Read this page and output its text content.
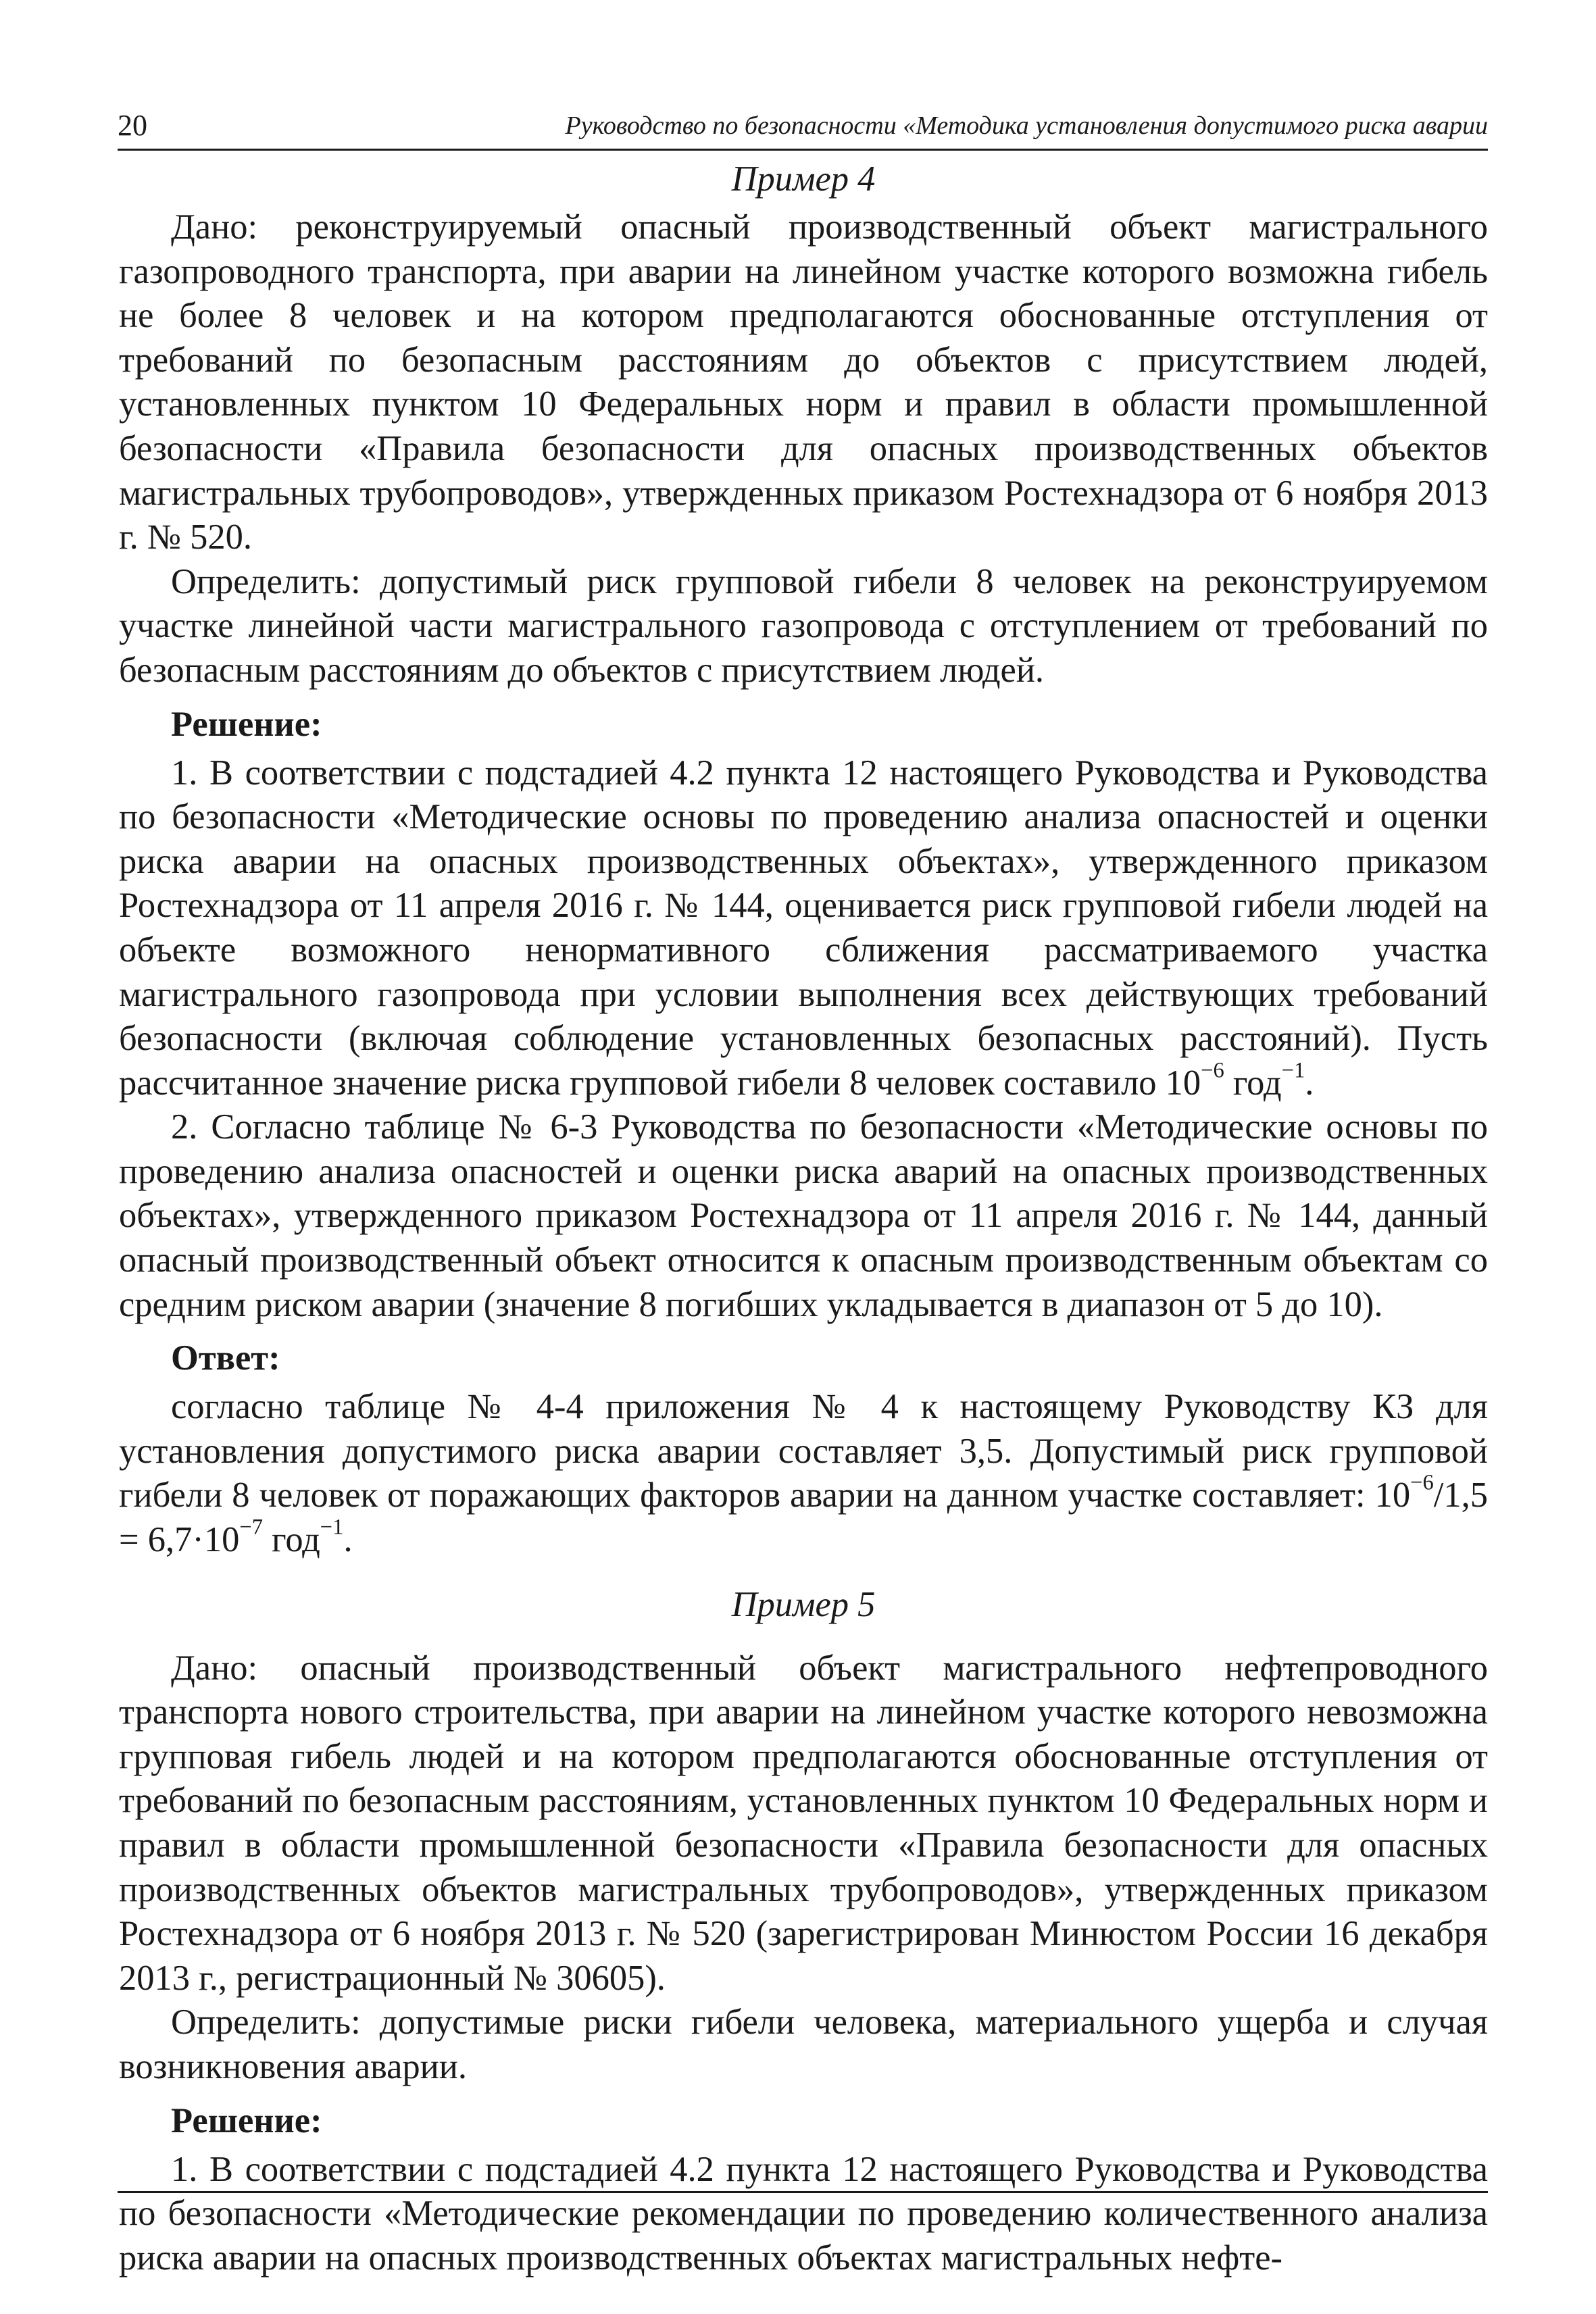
20	Руководство по безопасности «Методика установления допустимого риска аварии

Пример 4

Дано: реконструируемый опасный производственный объект магистрального газопроводного транспорта, при аварии на линейном участке которого возможна гибель не более 8 человек и на котором предполагаются обоснованные отступления от требований по безопасным расстояниям до объектов с присутствием людей, установленных пунктом 10 Федеральных норм и правил в области промышленной безопасности «Правила безопасности для опасных производственных объектов магистральных трубопроводов», утвержденных приказом Ростехнадзора от 6 ноября 2013 г. № 520.

Определить: допустимый риск групповой гибели 8 человек на реконструируемом участке линейной части магистрального газопровода с отступлением от требований по безопасным расстояниям до объектов с присутствием людей.

Решение:

1. В соответствии с подстадией 4.2 пункта 12 настоящего Руководства и Руководства по безопасности «Методические основы по проведению анализа опасностей и оценки риска аварии на опасных производственных объектах», утвержденного приказом Ростехнадзора от 11 апреля 2016 г. № 144, оценивается риск групповой гибели людей на объекте возможного ненормативного сближения рассматриваемого участка магистрального газопровода при условии выполнения всех действующих требований безопасности (включая соблюдение установленных безопасных расстояний). Пусть рассчитанное значение риска групповой гибели 8 человек составило $10^{-6}$ год$^{-1}$.

2. Согласно таблице № 6-3 Руководства по безопасности «Методические основы по проведению анализа опасностей и оценки риска аварий на опасных производственных объектах», утвержденного приказом Ростехнадзора от 11 апреля 2016 г. № 144, данный опасный производственный объект относится к опасным производственным объектам со средним риском аварии (значение 8 погибших укладывается в диапазон от 5 до 10).

Ответ:

согласно таблице № 4-4 приложения № 4 к настоящему Руководству КЗ для установления допустимого риска аварии составляет 3,5. Допустимый риск групповой гибели 8 человек от поражающих факторов аварии на данном участке составляет: $10^{-6}/1,5 = 6,7\cdot 10^{-7}$ год$^{-1}$.

Пример 5

Дано: опасный производственный объект магистрального нефтепроводного транспорта нового строительства, при аварии на линейном участке которого невозможна групповая гибель людей и на котором предполагаются обоснованные отступления от требований по безопасным расстояниям, установленных пунктом 10 Федеральных норм и правил в области промышленной безопасности «Правила безопасности для опасных производственных объектов магистральных трубопроводов», утвержденных приказом Ростехнадзора от 6 ноября 2013 г. № 520 (зарегистрирован Минюстом России 16 декабря 2013 г., регистрационный № 30605).

Определить: допустимые риски гибели человека, материального ущерба и случая возникновения аварии.

Решение:

1. В соответствии с подстадией 4.2 пункта 12 настоящего Руководства и Руководства по безопасности «Методические рекомендации по проведению количественного анализа риска аварии на опасных производственных объектах магистральных нефте-
